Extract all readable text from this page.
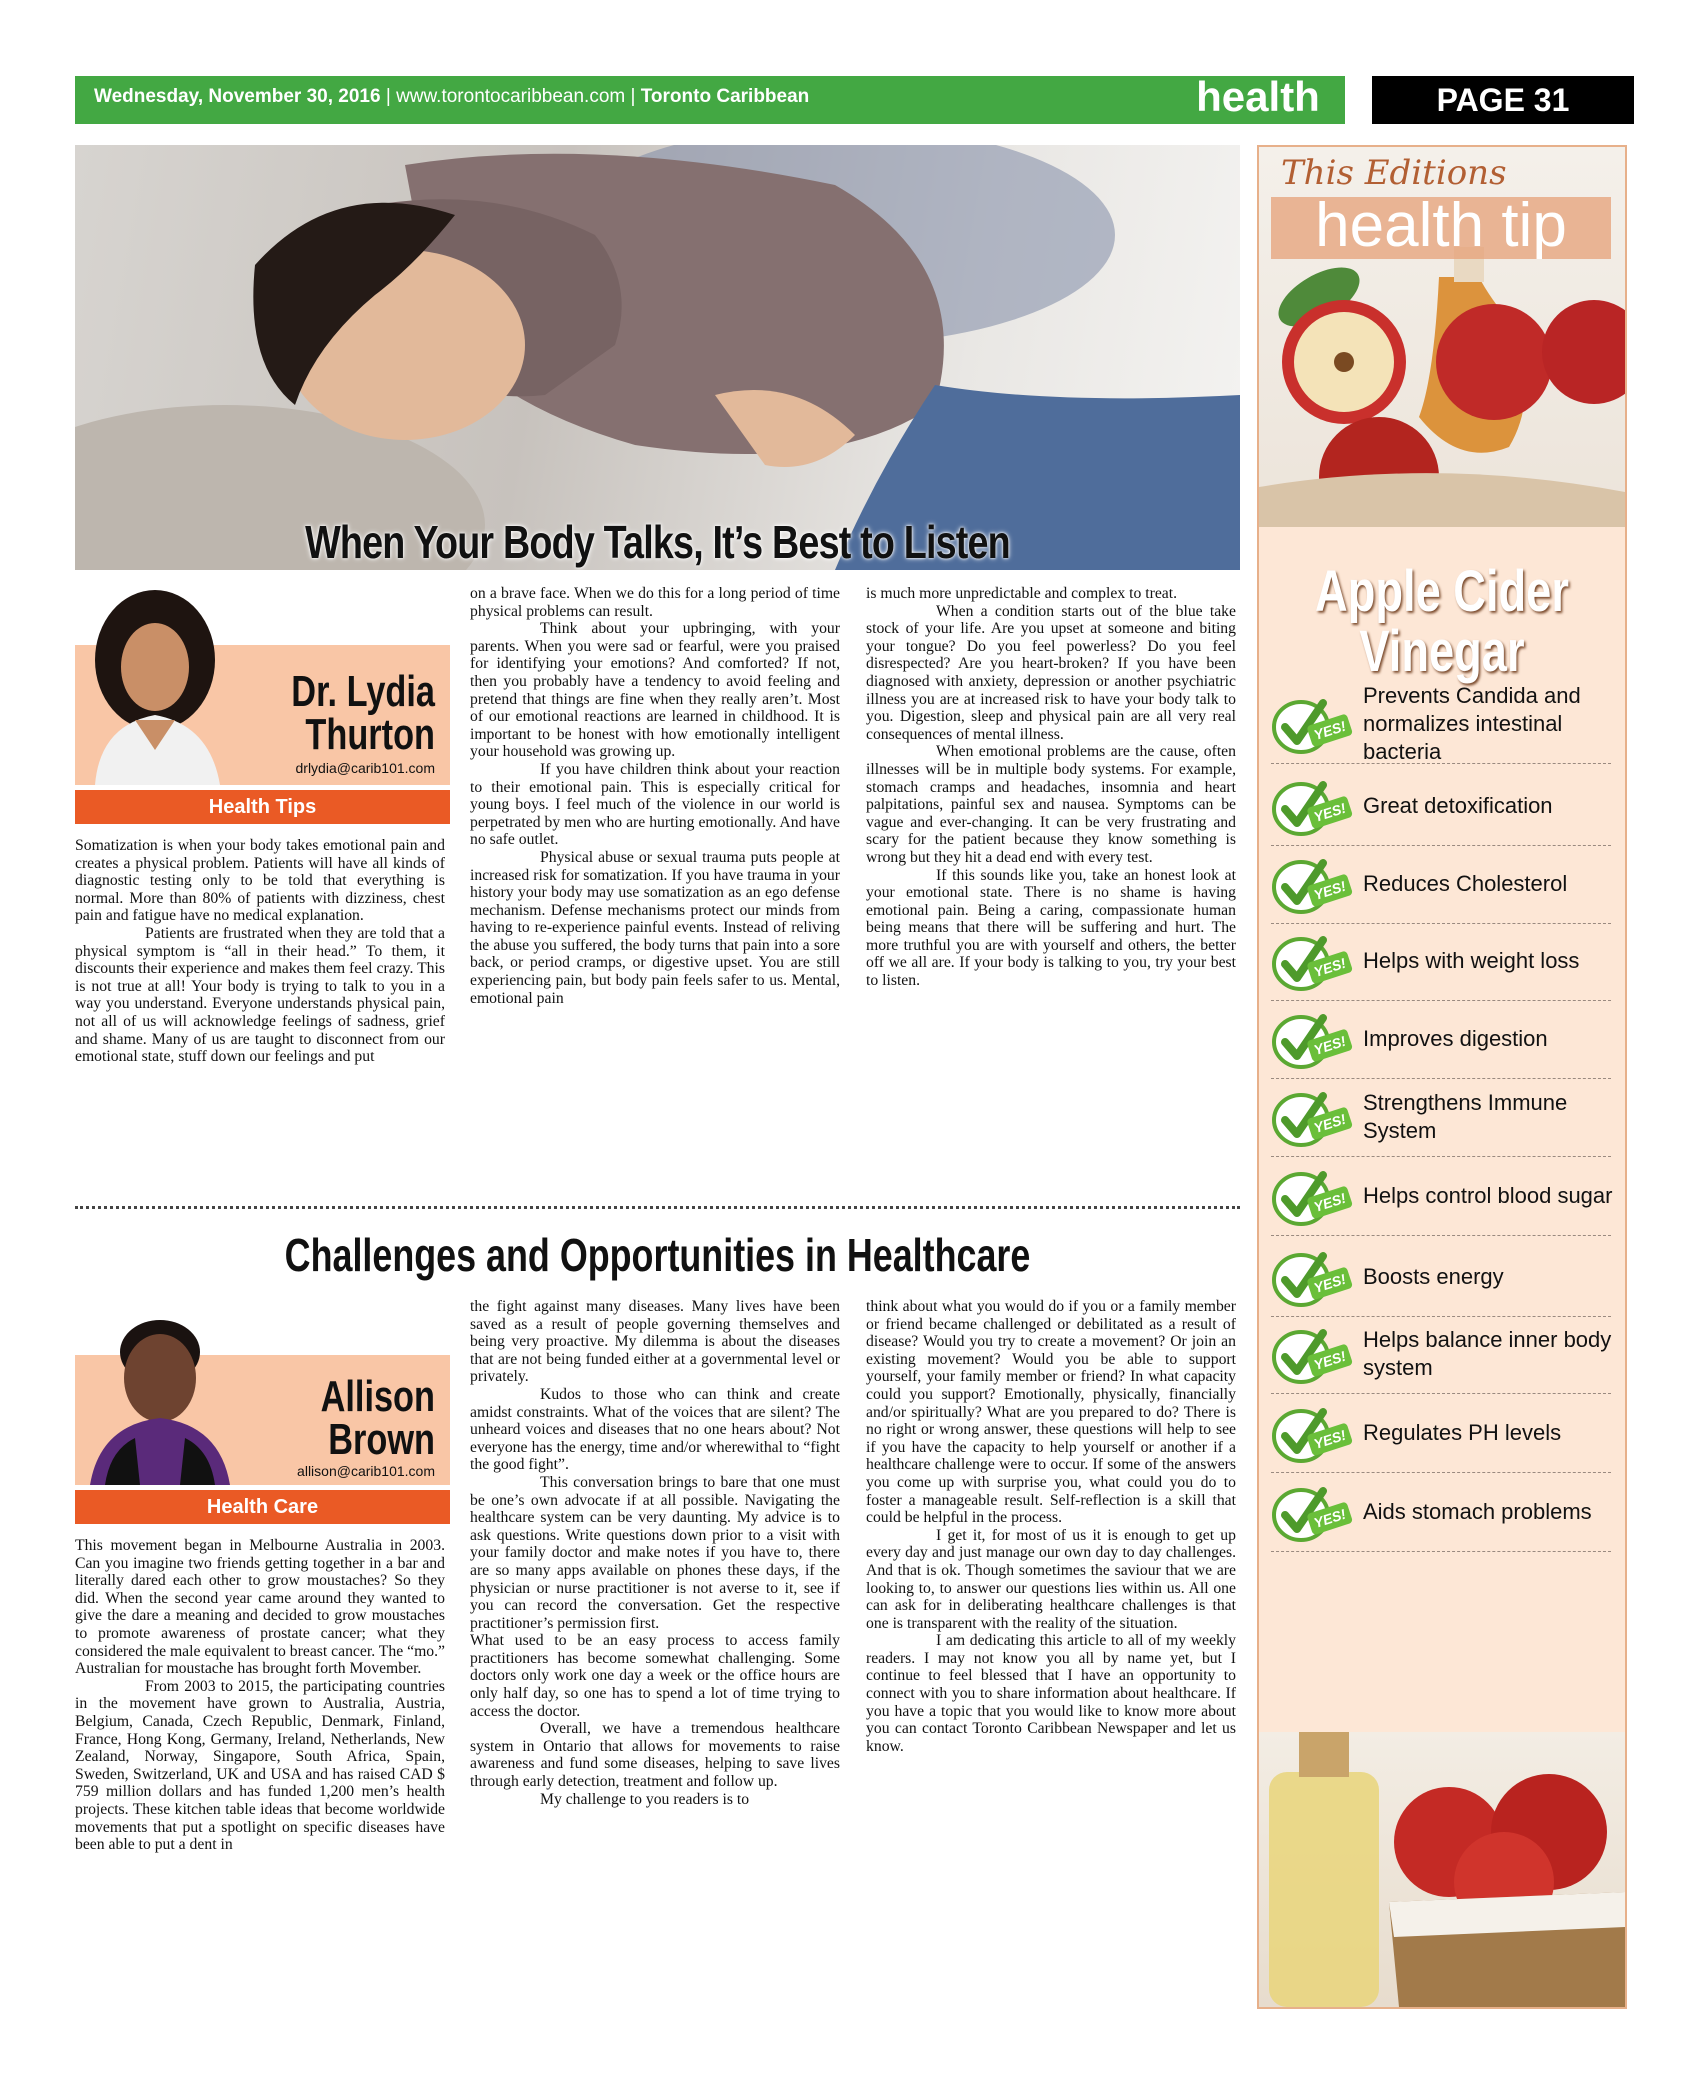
Wednesday, November 30, 2016 | www.torontocaribbean.com | Toronto Caribbean	health	PAGE 31
When Your Body Talks, It’s Best to Listen
Dr. Lydia
Thurton
drlydia@carib101.com
Health Tips

Somatization is when your body takes emotional pain and creates a physical problem. Patients will have all kinds of diagnostic testing only to be told that everything is normal. More than 80% of patients with dizziness, chest pain and fatigue have no medical explanation.

Patients are frustrated when they are told that a physical symptom is “all in their head.” To them, it discounts their experience and makes them feel crazy. This is not true at all! Your body is trying to talk to you in a way you understand. Everyone understands physical pain, not all of us will acknowledge feelings of sadness, grief and shame. Many of us are taught to disconnect from our emotional state, stuff down our feelings and put

on a brave face. When we do this for a long period of time physical problems can result.

Think about your upbringing, with your parents. When you were sad or fearful, were you praised for identifying your emotions? And comforted? If not, then you probably have a tendency to avoid feeling and pretend that things are fine when they really aren’t. Most of our emotional reactions are learned in childhood. It is important to be honest with how emotionally intelligent your household was growing up.

If you have children think about your reaction to their emotional pain. This is especially critical for young boys. I feel much of the violence in our world is perpetrated by men who are hurting emotionally. And have no safe outlet.

Physical abuse or sexual trauma puts people at increased risk for somatization. If you have trauma in your history your body may use somatization as an ego defense mechanism. Defense mechanisms protect our minds from having to re-experience painful events. Instead of reliving the abuse you suffered, the body turns that pain into a sore back, or period cramps, or digestive upset. You are still experiencing pain, but body pain feels safer to us. Mental, emotional pain

is much more unpredictable and complex to treat.

When a condition starts out of the blue take stock of your life. Are you upset at someone and biting your tongue? Do you feel powerless? Do you feel disrespected? Are you heart-broken? If you have been diagnosed with anxiety, depression or another psychiatric illness you are at increased risk to have your body talk to you. Digestion, sleep and physical pain are all very real consequences of mental illness.

When emotional problems are the cause, often illnesses will be in multiple body systems. For example, stomach cramps and headaches, insomnia and heart palpitations, painful sex and nausea. Symptoms can be vague and ever-changing. It can be very frustrating and scary for the patient because they know something is wrong but they hit a dead end with every test.

If this sounds like you, take an honest look at your emotional state. There is no shame is having emotional pain. Being a caring, compassionate human being means that there will be suffering and hurt. The more truthful you are with yourself and others, the better off we all are. If your body is talking to you, try your best to listen.

Challenges and Opportunities in Healthcare
Allison
Brown
allison@carib101.com
Health Care

This movement began in Melbourne Australia in 2003. Can you imagine two friends getting together in a bar and literally dared each other to grow moustaches? So they did. When the second year came around they wanted to give the dare a meaning and decided to grow moustaches to promote awareness of prostate cancer; what they considered the male equivalent to breast cancer. The “mo.” Australian for moustache has brought forth Movember.

From 2003 to 2015, the participating countries in the movement have grown to Australia, Austria, Belgium, Canada, Czech Republic, Denmark, Finland, France, Hong Kong, Germany, Ireland, Netherlands, New Zealand, Norway, Singapore, South Africa, Spain, Sweden, Switzerland, UK and USA and has raised CAD $ 759 million dollars and has funded 1,200 men’s health projects. These kitchen table ideas that become worldwide movements that put a spotlight on specific diseases have been able to put a dent in

the fight against many diseases. Many lives have been saved as a result of people governing themselves and being very proactive. My dilemma is about the diseases that are not being funded either at a governmental level or privately.

Kudos to those who can think and create amidst constraints. What of the voices that are silent? The unheard voices and diseases that no one hears about? Not everyone has the energy, time and/or wherewithal to “fight the good fight”.

This conversation brings to bare that one must be one’s own advocate if at all possible. Navigating the healthcare system can be very daunting. My advice is to ask questions. Write questions down prior to a visit with your family doctor and make notes if you have to, there are so many apps available on phones these days, if the physician or nurse practitioner is not averse to it, see if you can record the conversation. Get the respective practitioner’s permission first.

What used to be an easy process to access family practitioners has become somewhat challenging. Some doctors only work one day a week or the office hours are only half day, so one has to spend a lot of time trying to access the doctor.

Overall, we have a tremendous healthcare system in Ontario that allows for movements to raise awareness and fund some diseases, helping to save lives through early detection, treatment and follow up.

My challenge to you readers is to

think about what you would do if you or a family member or friend became challenged or debilitated as a result of disease? Would you try to create a movement? Or join an existing movement? Would you be able to support yourself, your family member or friend? In what capacity could you support? Emotionally, physically, financially and/or spiritually? What are you prepared to do? There is no right or wrong answer, these questions will help to see if you have the capacity to help yourself or another if a healthcare challenge were to occur. If some of the answers you come up with surprise you, what could you do to foster a manageable result. Self-reflection is a skill that could be helpful in the process.

I get it, for most of us it is enough to get up every day and just manage our own day to day challenges. And that is ok. Though sometimes the saviour that we are looking to, to answer our questions lies within us. All one can ask for in deliberating healthcare challenges is that one is transparent with the reality of the situation.

I am dedicating this article to all of my weekly readers. I may not know you all by name yet, but I continue to feel blessed that I have an opportunity to connect with you to share information about healthcare. If you have a topic that you would like to know more about you can contact Toronto Caribbean Newspaper and let us know.

This Editions
health tip
Apple Cider Vinegar
YES!
Prevents Candida and normalizes intestinal bacteria
YES! Great detoxification
YES! Reduces Cholesterol
YES! Helps with weight loss
YES! Improves digestion
YES!
Strengthens Immune System
YES! Helps control blood sugar
YES! Boosts energy
YES!
Helps balance inner body system
YES! Regulates PH levels
YES! Aids stomach problems
